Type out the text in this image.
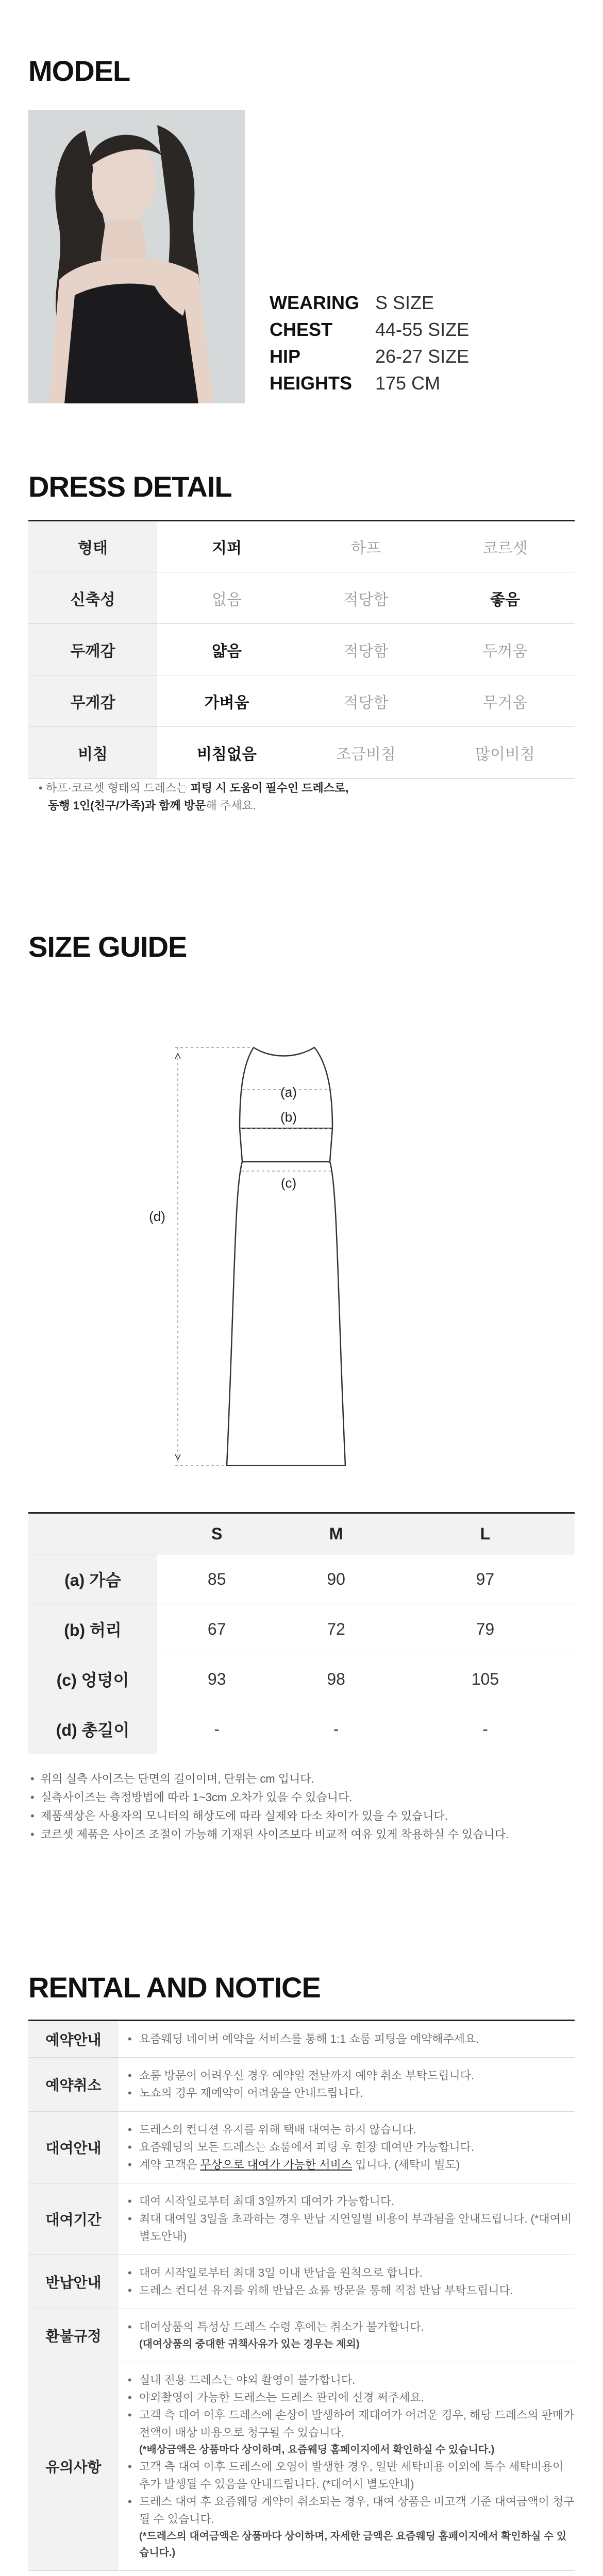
MODEL
WEARING S SIZE
CHEST	44-55 SIZE
HIP	26-27 SIZE
HEIGHTS	175 CM
DRESS DETAIL
형태	지퍼	하프	코르셋
신축성	없음	적당함	좋음
두께감	얇음	적당함	두꺼움
무게감	가벼움	적당함	무거움
비침	비침없음	조금비침	많이비침
• 하프·코르셋 형태의 드레스는 피팅 시 도움이 필수인 드레스로,
동행 1인(친구/가족)과 함께 방문해 주세요.
SIZE GUIDE
(a)
(b)
(c)
(d)
	S	M	L
(a) 가슴	85	90	97
(b) 허리	67	72	79
(c) 엉덩이	93	98	105
(d) 총길이	-	-	-
• 위의 실측 사이즈는 단면의 길이이며, 단위는 cm 입니다.
• 실측사이즈는 측정방법에 따라 1~3cm 오차가 있을 수 있습니다.
• 제품색상은 사용자의 모니터의 해상도에 따라 실제와 다소 차이가 있을 수 있습니다.
• 코르셋 제품은 사이즈 조절이 가능해 기재된 사이즈보다 비교적 여유 있게 착용하실 수 있습니다.
RENTAL AND NOTICE
예약안내	• 요즘웨딩 네이버 예약을 서비스를 통해 1:1 쇼룸 피팅을 예약해주세요.
예약취소
• 쇼룸 방문이 어려우신 경우 예약일 전날까지 예약 취소 부탁드립니다.
• 노쇼의 경우 재예약이 어려움을 안내드립니다.
대여안내
• 드레스의 컨디션 유지를 위해 택배 대여는 하지 않습니다.
• 요즘웨딩의 모든 드레스는 쇼룸에서 피팅 후 현장 대여만 가능합니다.
• 계약 고객은 무상으로 대여가 가능한 서비스 입니다. (세탁비 별도)
대여기간
• 대여 시작일로부터 최대 3일까지 대여가 가능합니다.
• 최대 대여일 3일을 초과하는 경우 반납 지연일별 비용이 부과됨을 안내드립니다. (*대여비 별도안내)
반납안내
• 대여 시작일로부터 최대 3일 이내 반납을 원칙으로 합니다.
• 드레스 컨디션 유지를 위해 반납은 쇼룸 방문을 통해 직접 반납 부탁드립니다.
환불규정
• 대여상품의 특성상 드레스 수령 후에는 취소가 불가합니다.
(대여상품의 중대한 귀책사유가 있는 경우는 제외)
유의사항
• 실내 전용 드레스는 야외 촬영이 불가합니다.
• 야외촬영이 가능한 드레스는 드레스 관리에 신경 써주세요.
• 고객 측 대여 이후 드레스에 손상이 발생하여 재대여가 어려운 경우, 해당 드레스의 판매가 전액이 배상 비용으로 청구될 수 있습니다.
(*배상금액은 상품마다 상이하며, 요즘웨딩 홈페이지에서 확인하실 수 있습니다.)
• 고객 측 대여 이후 드레스에 오염이 발생한 경우, 일반 세탁비용 이외에 특수 세탁비용이 추가 발생될 수 있음을 안내드립니다. (*대여시 별도안내)
• 드레스 대여 후 요즘웨딩 계약이 취소되는 경우, 대여 상품은 비고객 기준 대여금액이 청구될 수 있습니다.
(*드레스의 대여금액은 상품마다 상이하며, 자세한 금액은 요즘웨딩 홈페이지에서 확인하실 수 있습니다.)
